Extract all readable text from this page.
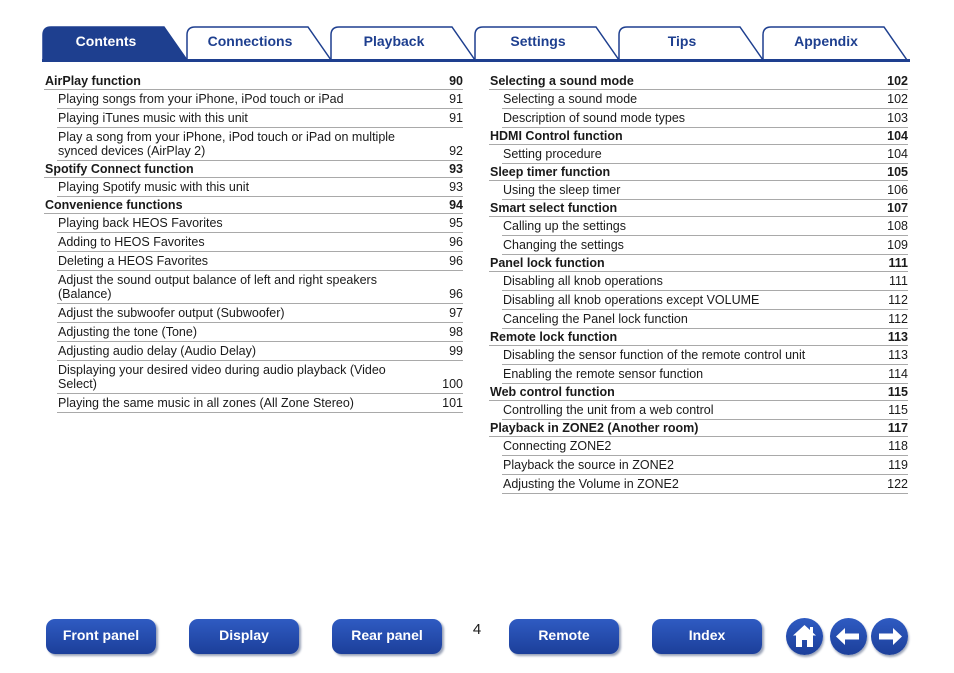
Contents	Connections	Playback	Settings	Tips	Appendix
AirPlay function	90
Playing songs from your iPhone, iPod touch or iPad	91
Playing iTunes music with this unit	91
Play a song from your iPhone, iPod touch or iPad on multiple
synced devices (AirPlay 2)	92
Spotify Connect function	93
Playing Spotify music with this unit	93
Convenience functions	94
Playing back HEOS Favorites	95
Adding to HEOS Favorites	96
Deleting a HEOS Favorites	96
Adjust the sound output balance of left and right speakers
(Balance)	96
Adjust the subwoofer output (Subwoofer)	97
Adjusting the tone (Tone)	98
Adjusting audio delay (Audio Delay)	99
Displaying your desired video during audio playback (Video
Select)	100
Playing the same music in all zones (All Zone Stereo)	101
Selecting a sound mode	102
Selecting a sound mode	102
Description of sound mode types	103
HDMI Control function	104
Setting procedure	104
Sleep timer function	105
Using the sleep timer	106
Smart select function	107
Calling up the settings	108
Changing the settings	109
Panel lock function	111
Disabling all knob operations	111
Disabling all knob operations except VOLUME	112
Canceling the Panel lock function	112
Remote lock function	113
Disabling the sensor function of the remote control unit	113
Enabling the remote sensor function	114
Web control function	115
Controlling the unit from a web control	115
Playback in ZONE2 (Another room)	117
Connecting ZONE2	118
Playback the source in ZONE2	119
Adjusting the Volume in ZONE2	122
Front panel	Display	Rear panel	4	Remote	Index
